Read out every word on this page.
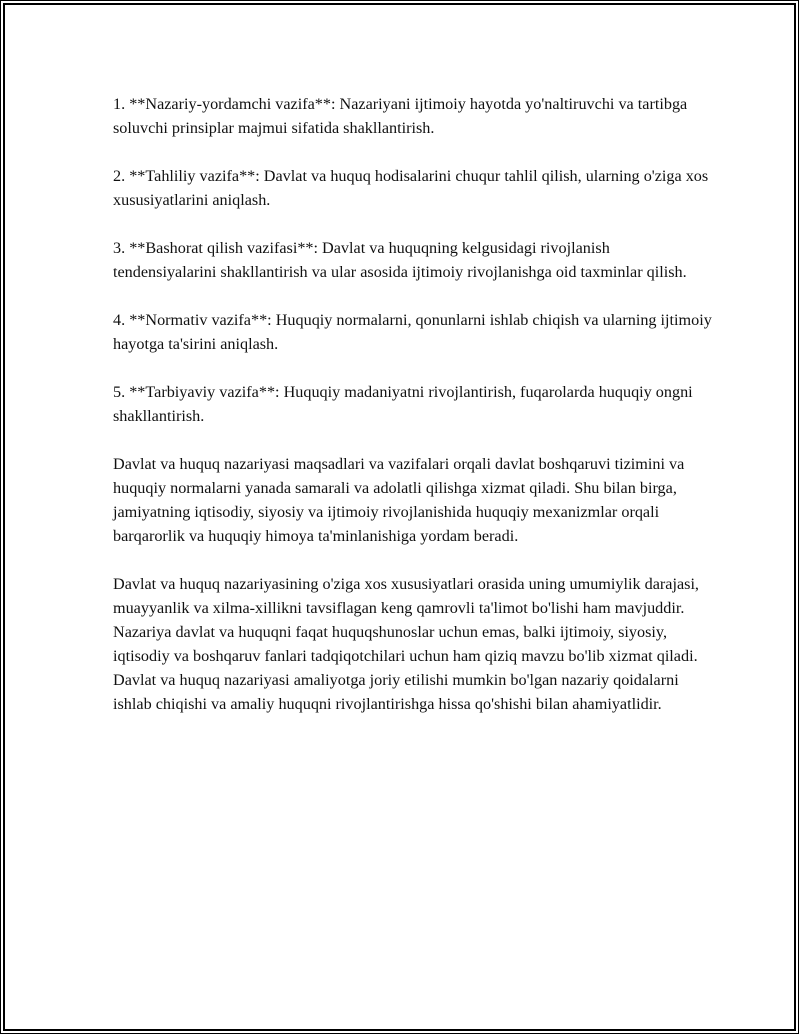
1. **Nazariy-yordamchi vazifa**: Nazariyani ijtimoiy hayotda yo'naltiruvchi va tartibga soluvchi prinsiplar majmui sifatida shakllantirish.

2. **Tahliliy vazifa**: Davlat va huquq hodisalarini chuqur tahlil qilish, ularning o'ziga xos xususiyatlarini aniqlash.

3. **Bashorat qilish vazifasi**: Davlat va huquqning kelgusidagi rivojlanish tendensiyalarini shakllantirish va ular asosida ijtimoiy rivojlanishga oid taxminlar qilish.

4. **Normativ vazifa**: Huquqiy normalarni, qonunlarni ishlab chiqish va ularning ijtimoiy hayotga ta'sirini aniqlash.

5. **Tarbiyaviy vazifa**: Huquqiy madaniyatni rivojlantirish, fuqarolarda huquqiy ongni shakllantirish.

Davlat va huquq nazariyasi maqsadlari va vazifalari orqali davlat boshqaruvi tizimini va huquqiy normalarni yanada samarali va adolatli qilishga xizmat qiladi. Shu bilan birga, jamiyatning iqtisodiy, siyosiy va ijtimoiy rivojlanishida huquqiy mexanizmlar orqali barqarorlik va huquqiy himoya ta'minlanishiga yordam beradi.

Davlat va huquq nazariyasining o'ziga xos xususiyatlari orasida uning umumiylik darajasi, muayyanlik va xilma-xillikni tavsiflagan keng qamrovli ta'limot bo'lishi ham mavjuddir. Nazariya davlat va huquqni faqat huquqshunoslar uchun emas, balki ijtimoiy, siyosiy, iqtisodiy va boshqaruv fanlari tadqiqotchilari uchun ham qiziq mavzu bo'lib xizmat qiladi. Davlat va huquq nazariyasi amaliyotga joriy etilishi mumkin bo'lgan nazariy qoidalarni ishlab chiqishi va amaliy huquqni rivojlantirishga hissa qo'shishi bilan ahamiyatlidir.
